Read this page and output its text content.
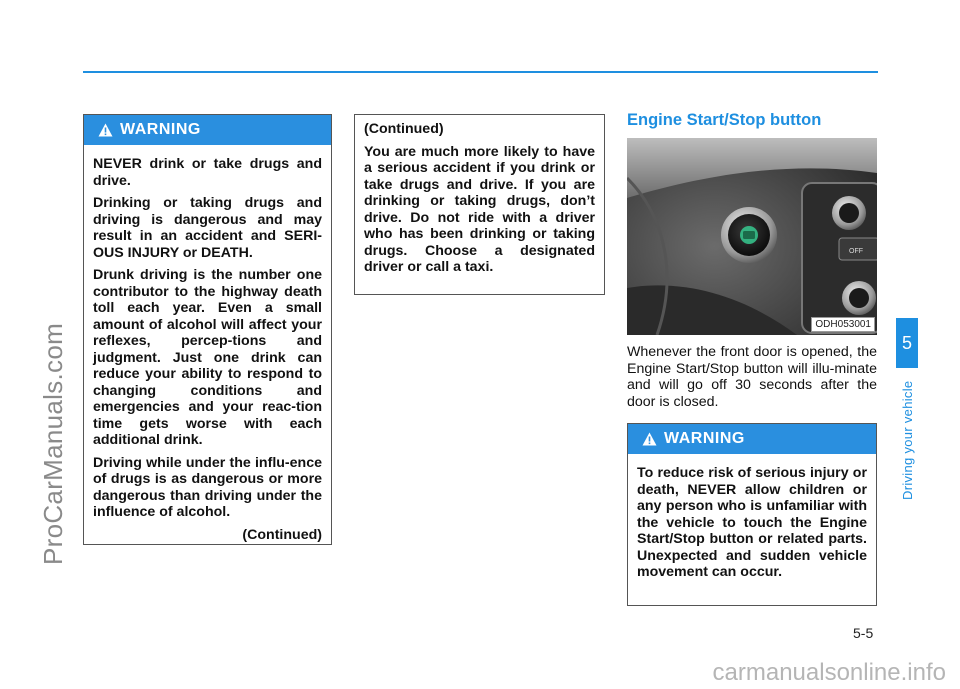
ProCarManuals.com
carmanualsonline.info
5
Driving your vehicle
5-5
WARNING

NEVER drink or take drugs and drive.

Drinking or taking drugs and driving is dangerous and may result in an accident and SERI-OUS INJURY or DEATH.

Drunk driving is the number one contributor to the highway death toll each year. Even a small amount of alcohol will affect your reflexes, percep-tions and judgment. Just one drink can reduce your ability to respond to changing conditions and emergencies and your reac-tion time gets worse with each additional drink.

Driving while under the influ-ence of drugs is as dangerous or more dangerous than driving under the influence of alcohol.

(Continued)

(Continued)

You are much more likely to have a serious accident if you drink or take drugs and drive. If you are drinking or taking drugs, don’t drive. Do not ride with a driver who has been drinking or taking drugs. Choose a designated driver or call a taxi.

Engine Start/Stop button
OFF
ODH053001
Whenever the front door is opened, the Engine Start/Stop button will illu-minate and will go off 30 seconds after the door is closed.
WARNING

To reduce risk of serious injury or death, NEVER allow children or any person who is unfamiliar with the vehicle to touch the Engine Start/Stop button or related parts. Unexpected and sudden vehicle movement can occur.
